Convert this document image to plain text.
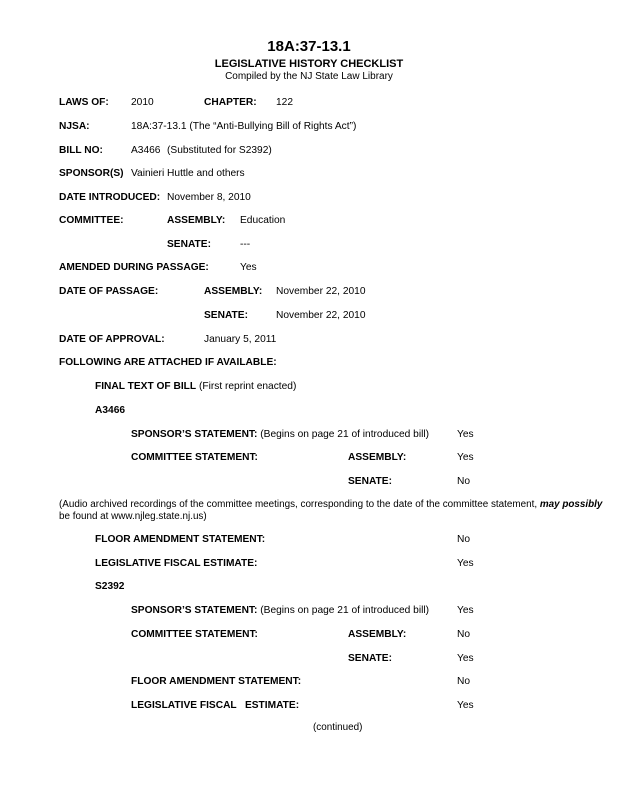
18A:37-13.1
LEGISLATIVE HISTORY CHECKLIST
Compiled by the NJ State Law Library
LAWS OF: 2010	CHAPTER: 122
NJSA:	18A:37-13.1 (The “Anti-Bullying Bill of Rights Act”)
BILL NO:	A3466 (Substituted for S2392)
SPONSOR(S) Vainieri Huttle and others
DATE INTRODUCED: November 8, 2010
COMMITTEE:	ASSEMBLY: Education
SENATE:	---
AMENDED DURING PASSAGE:	Yes
DATE OF PASSAGE:	ASSEMBLY: November 22, 2010
SENATE:	November 22, 2010
DATE OF APPROVAL:	January 5, 2011
FOLLOWING ARE ATTACHED IF AVAILABLE:
FINAL TEXT OF BILL (First reprint enacted)
A3466
SPONSOR’S STATEMENT: (Begins on page 21 of introduced bill)	Yes
COMMITTEE STATEMENT:	ASSEMBLY:	Yes
SENATE:	No
(Audio archived recordings of the committee meetings, corresponding to the date of the committee statement, may possibly
be found at www.njleg.state.nj.us)
FLOOR AMENDMENT STATEMENT:	No
LEGISLATIVE FISCAL ESTIMATE:	Yes
S2392
SPONSOR’S STATEMENT: (Begins on page 21 of introduced bill)	Yes
COMMITTEE STATEMENT:	ASSEMBLY:	No
SENATE:	Yes
FLOOR AMENDMENT STATEMENT:	No
LEGISLATIVE FISCAL   ESTIMATE:	Yes
(continued)
